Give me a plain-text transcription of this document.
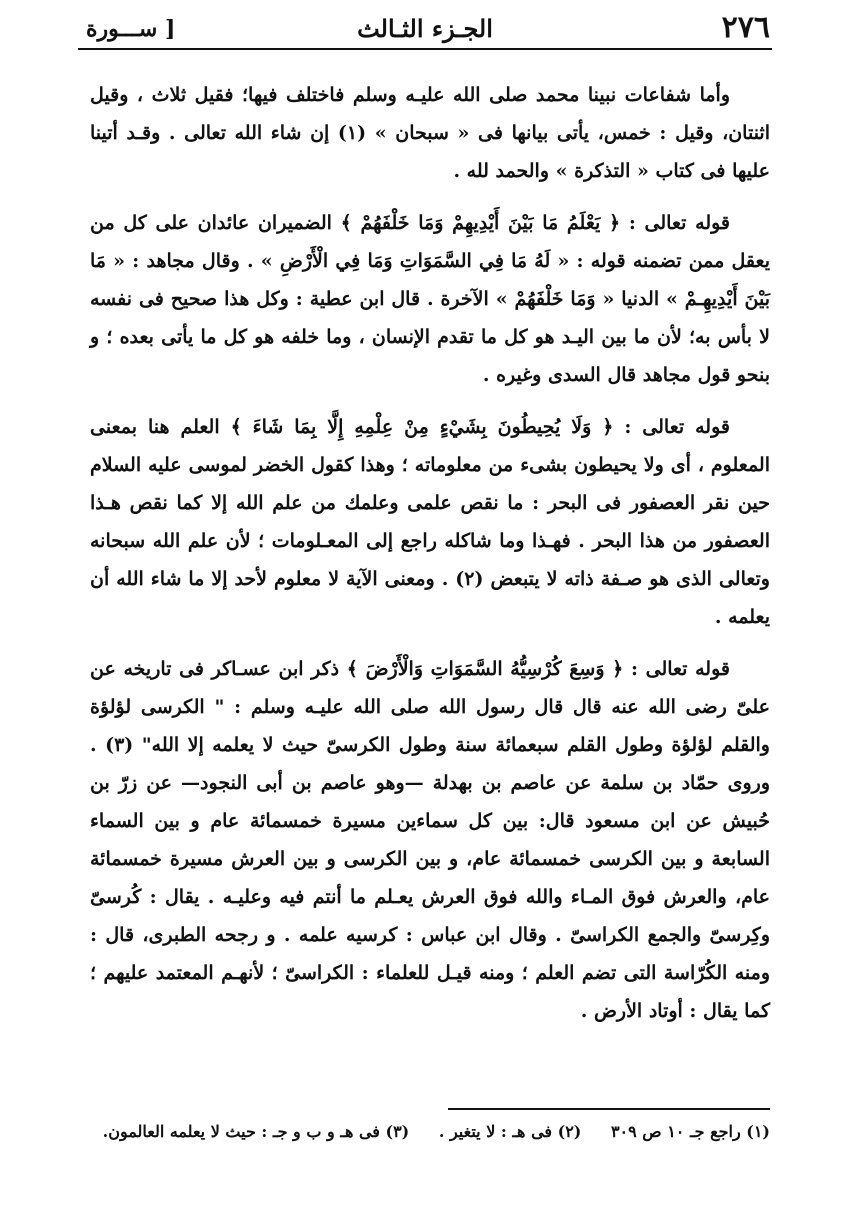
٢٧٦
الجـزء الثـالث
[ ســـورة

وأما شفاعات نبينا محمد صلى الله عليـه وسلم فاختلف فيها؛ فقيل ثلاث ، وقيل اثنتان، وقيل : خمس، يأتى بيانها فى « سبحان » (١) إن شاء الله تعالى . وقـد أتينا عليها فى كتاب « التذكرة » والحمد لله .

قوله تعالى : ﴿ يَعْلَمُ مَا بَيْنَ أَيْدِيهِمْ وَمَا خَلْفَهُمْ ﴾ الضميران عائدان على كل من يعقل ممن تضمنه قوله : « لَهُ مَا فِي السَّمَوَاتِ وَمَا فِي الْأَرْضِ » . وقال مجاهد : « مَا بَيْنَ أَيْدِيهِـمْ » الدنيا « وَمَا خَلْفَهُمْ » الآخرة . قال ابن عطية : وكل هذا صحيح فى نفسه لا بأس به؛ لأن ما بين اليـد هو كل ما تقدم الإنسان ، وما خلفه هو كل ما يأتى بعده ؛ و بنحو قول مجاهد قال السدى وغيره .

قوله تعالى : ﴿ وَلَا يُحِيطُونَ بِشَيْءٍ مِنْ عِلْمِهِ إِلَّا بِمَا شَاءَ ﴾ العلم هنا بمعنى المعلوم ، أى ولا يحيطون بشىء من معلوماته ؛ وهذا كقول الخضر لموسى عليه السلام حين نقر العصفور فى البحر : ما نقص علمى وعلمك من علم الله إلا كما نقص هـذا العصفور من هذا البحر . فهـذا وما شاكله راجع إلى المعـلومات ؛ لأن علم الله سبحانه وتعالى الذى هو صـفة ذاته لا يتبعض (٢) . ومعنى الآية لا معلوم لأحد إلا ما شاء الله أن يعلمه .

قوله تعالى : ﴿ وَسِعَ كُرْسِيُّهُ السَّمَوَاتِ وَالْأَرْضَ ﴾ ذكر ابن عسـاكر فى تاريخه عن علىّ رضى الله عنه قال قال رسول الله صلى الله عليـه وسلم : " الكرسى لؤلؤة والقلم لؤلؤة وطول القلم سبعمائة سنة وطول الكرسىّ حيث لا يعلمه إلا الله" (٣) . وروى حمّاد بن سلمة عن عاصم بن بهدلة —وهو عاصم بن أبى النجود— عن زرّ بن حُبيش عن ابن مسعود قال: بين كل سماءين مسيرة خمسمائة عام و بين السماء السابعة و بين الكرسى خمسمائة عام، و بين الكرسى و بين العرش مسيرة خمسمائة عام، والعرش فوق المـاء والله فوق العرش يعـلم ما أنتم فيه وعليـه . يقال : كُرسىّ وكِرسىّ والجمع الكراسىّ . وقال ابن عباس : كرسيه علمه . و رجحه الطبرى، قال : ومنه الكُرّاسة التى تضم العلم ؛ ومنه قيـل للعلماء : الكراسىّ ؛ لأنهـم المعتمد عليهم ؛ كما يقال : أوتاد الأرض .

(١) راجع جـ ١٠ ص ٣٠٩ (٢) فى هـ : لا يتغير . (٣) فى هـ و ب و جـ : حيث لا يعلمه العالمون.
